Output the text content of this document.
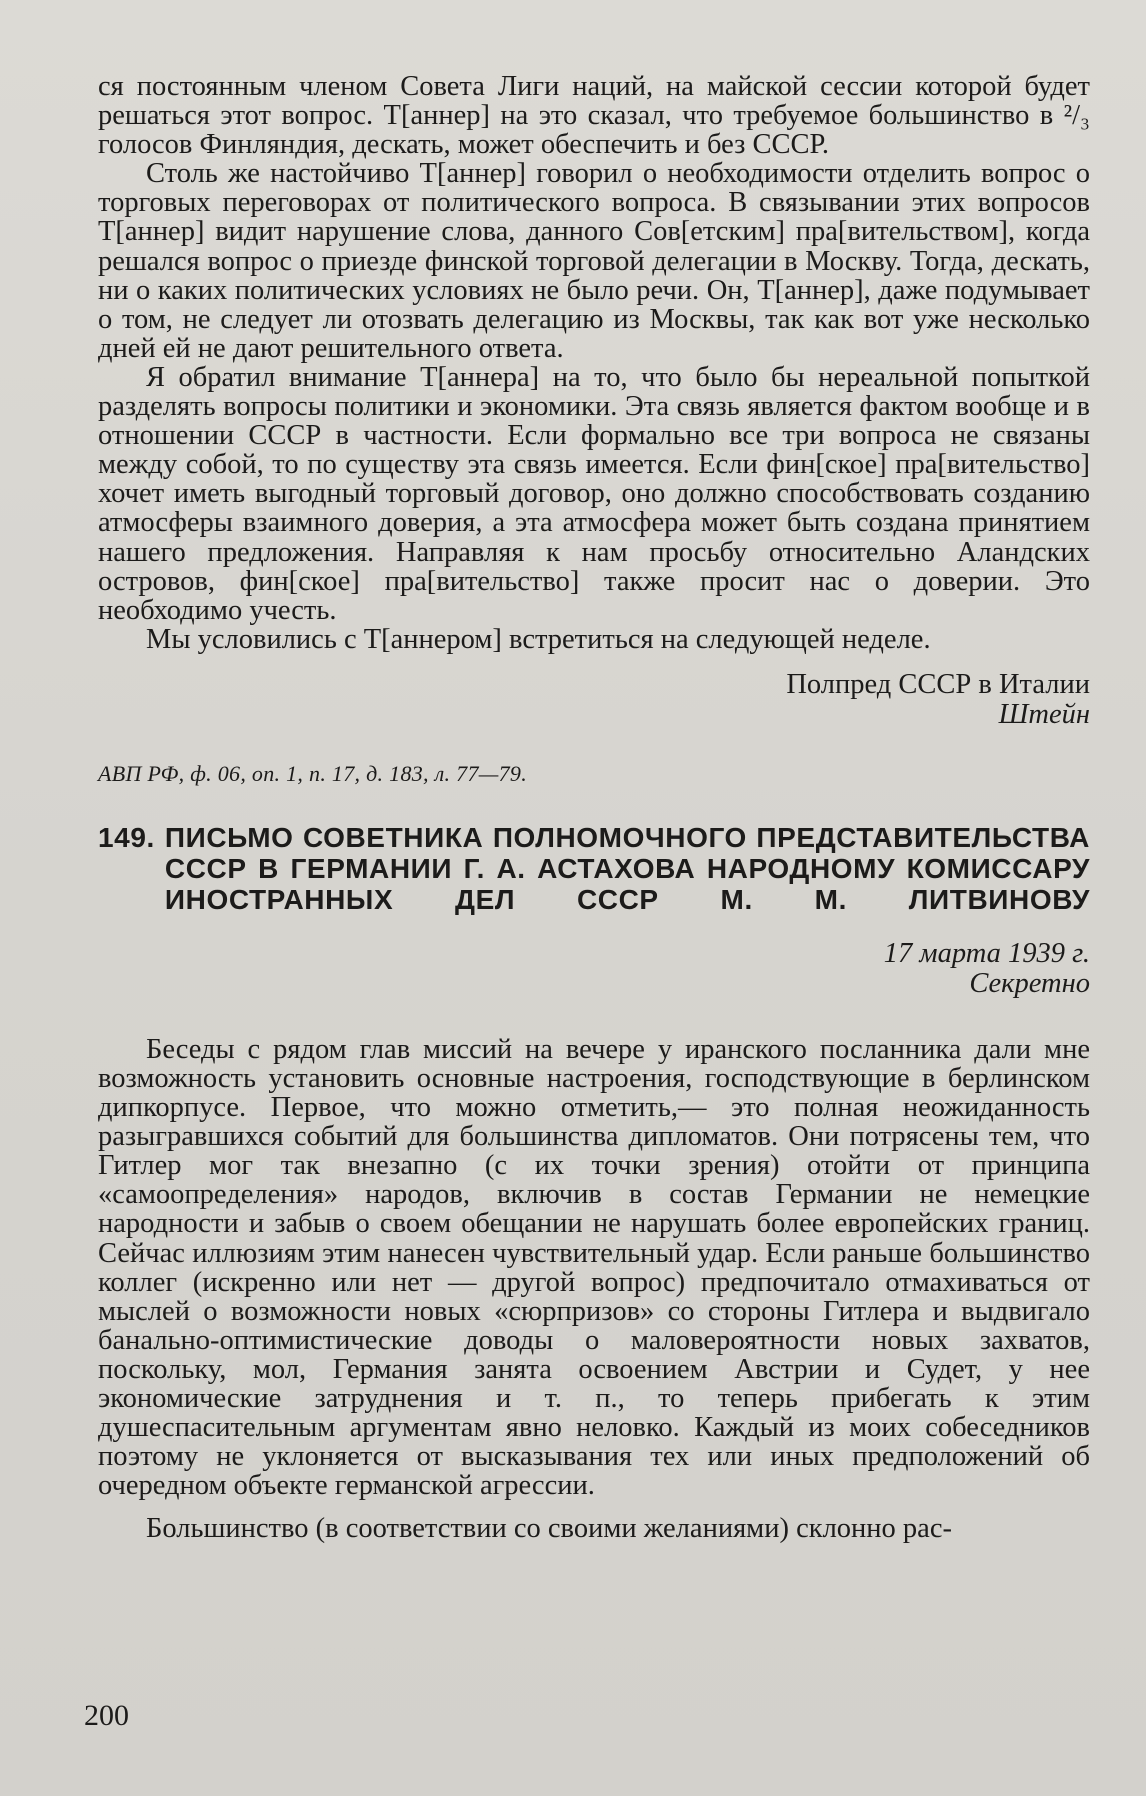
ся постоянным членом Совета Лиги наций, на майской сессии которой будет решаться этот вопрос. Т[аннер] на это сказал, что требуемое большинство в ²/₃ голосов Финляндия, дескать, может обеспечить и без СССР.

Столь же настойчиво Т[аннер] говорил о необходимости отделить вопрос о торговых переговорах от политического вопроса. В связывании этих вопросов Т[аннер] видит нарушение слова, данного Сов[етским] пра[вительством], когда решался вопрос о приезде финской торговой делегации в Москву. Тогда, дескать, ни о каких политических условиях не было речи. Он, Т[аннер], даже подумывает о том, не следует ли отозвать делегацию из Москвы, так как вот уже несколько дней ей не дают решительного ответа.

Я обратил внимание Т[аннера] на то, что было бы нереальной попыткой разделять вопросы политики и экономики. Эта связь является фактом вообще и в отношении СССР в частности. Если формально все три вопроса не связаны между собой, то по существу эта связь имеется. Если фин[ское] пра[вительство] хочет иметь выгодный торговый договор, оно должно способствовать созданию атмосферы взаимного доверия, а эта атмосфера может быть создана принятием нашего предложения. Направляя к нам просьбу относительно Аландских островов, фин[ское] пра[вительство] также просит нас о доверии. Это необходимо учесть.

Мы условились с Т[аннером] встретиться на следующей неделе.

Полпред СССР в Италии
Штейн
АВП РФ, ф. 06, оп. 1, п. 17, д. 183, л. 77—79.
149. ПИСЬМО СОВЕТНИКА ПОЛНОМОЧНОГО ПРЕДСТАВИТЕЛЬСТВА СССР В ГЕРМАНИИ Г. А. АСТАХОВА НАРОДНОМУ КОМИССАРУ ИНОСТРАННЫХ ДЕЛ СССР М. М. ЛИТВИНОВУ
17 марта 1939 г.
Секретно

Беседы с рядом глав миссий на вечере у иранского посланника дали мне возможность установить основные настроения, господствующие в берлинском дипкорпусе. Первое, что можно отметить,— это полная неожиданность разыгравшихся событий для большинства дипломатов. Они потрясены тем, что Гитлер мог так внезапно (с их точки зрения) отойти от принципа «самоопределения» народов, включив в состав Германии не немецкие народности и забыв о своем обещании не нарушать более европейских границ. Сейчас иллюзиям этим нанесен чувствительный удар. Если раньше большинство коллег (искренно или нет — другой вопрос) предпочитало отмахиваться от мыслей о возможности новых «сюрпризов» со стороны Гитлера и выдвигало банально-оптимистические доводы о маловероятности новых захватов, поскольку, мол, Германия занята освоением Австрии и Судет, у нее экономические затруднения и т. п., то теперь прибегать к этим душеспасительным аргументам явно неловко. Каждый из моих собеседников поэтому не уклоняется от высказывания тех или иных предположений об очередном объекте германской агрессии.

Большинство (в соответствии со своими желаниями) склонно рас-

200
